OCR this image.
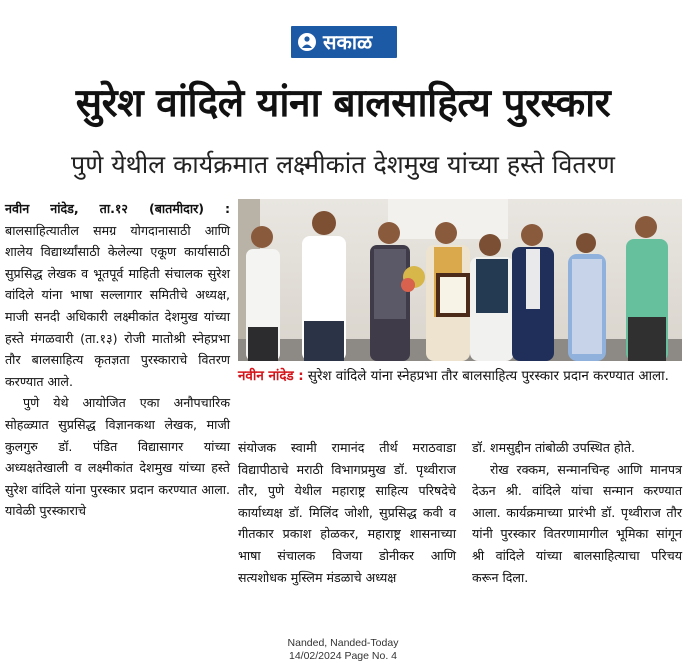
सकाळ
सुरेश वांदिले यांना बालसाहित्य पुरस्कार
पुणे येथील कार्यक्रमात लक्ष्मीकांत देशमुख यांच्या हस्ते वितरण

नवीन नांदेड, ता.१२ (बातमीदार) : बालसाहित्यातील समग्र योगदानासाठी आणि शालेय विद्यार्थ्यांसाठी केलेल्या एकूण कार्यासाठी सुप्रसिद्ध लेखक व भूतपूर्व माहिती संचालक सुरेश वांदिले यांना भाषा सल्लागार समितीचे अध्यक्ष, माजी सनदी अधिकारी लक्ष्मीकांत देशमुख यांच्या हस्ते मंगळवारी (ता.१३) रोजी मातोश्री स्नेहप्रभा तौर बालसाहित्य कृतज्ञता पुरस्काराचे वितरण करण्यात आले.

पुणे येथे आयोजित एका अनौपचारिक सोहळ्यात सुप्रसिद्ध विज्ञानकथा लेखक, माजी कुलगुरु डॉ. पंडित विद्यासागर यांच्या अध्यक्षतेखाली व लक्ष्मीकांत देशमुख यांच्या हस्ते सुरेश वांदिले यांना पुरस्कार प्रदान करण्यात आला. यावेळी पुरस्काराचे

नवीन नांदेड : सुरेश वांदिले यांना स्नेहप्रभा तौर बालसाहित्य पुरस्कार प्रदान करण्यात आला.

संयोजक स्वामी रामानंद तीर्थ मराठवाडा विद्यापीठाचे मराठी विभागप्रमुख डॉ. पृथ्वीराज तौर, पुणे येथील महाराष्ट्र साहित्य परिषदेचे कार्याध्यक्ष डॉ. मिलिंद जोशी, सुप्रसिद्ध कवी व गीतकार प्रकाश होळकर, महाराष्ट्र शासनाच्या भाषा संचालक विजया डोनीकर आणि सत्यशोधक मुस्लिम मंडळाचे अध्यक्ष

डॉ. शमसुद्दीन तांबोळी उपस्थित होते.

रोख रक्कम, सन्मानचिन्ह आणि मानपत्र देऊन श्री. वांदिले यांचा सन्मान करण्यात आला. कार्यक्रमाच्या प्रारंभी डॉ. पृथ्वीराज तौर यांनी पुरस्कार वितरणामागील भूमिका सांगून श्री वांदिले यांच्या बालसाहित्याचा परिचय करून दिला.

Nanded, Nanded-Today
14/02/2024 Page No. 4
